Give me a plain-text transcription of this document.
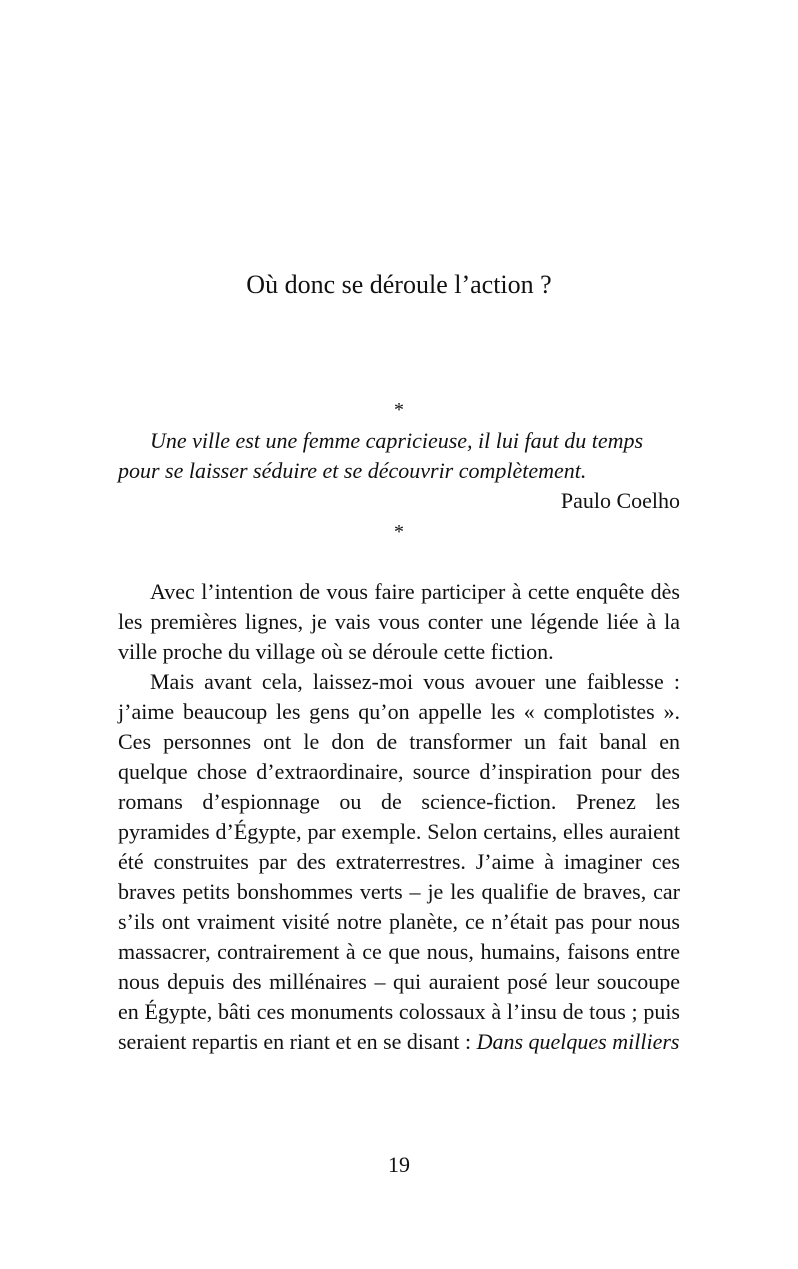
Où donc se déroule l’action ?
*
Une ville est une femme capricieuse, il lui faut du temps
pour se laisser séduire et se découvrir complètement.
Paulo Coelho
*

Avec l’intention de vous faire participer à cette enquête dès les premières lignes, je vais vous conter une légende liée à la ville proche du village où se déroule cette fiction.

Mais avant cela, laissez-moi vous avouer une faiblesse : j’aime beaucoup les gens qu’on appelle les « complotistes ». Ces personnes ont le don de transformer un fait banal en quelque chose d’extraordinaire, source d’inspiration pour des romans d’espionnage ou de science-fiction. Prenez les pyramides d’Égypte, par exemple. Selon certains, elles auraient été construites par des extraterrestres. J’aime à imaginer ces braves petits bonshommes verts – je les qualifie de braves, car s’ils ont vraiment visité notre planète, ce n’était pas pour nous massacrer, contrairement à ce que nous, humains, faisons entre nous depuis des millénaires – qui auraient posé leur soucoupe en Égypte, bâti ces monuments colossaux à l’insu de tous ; puis seraient repartis en riant et en se disant : Dans quelques milliers

19
